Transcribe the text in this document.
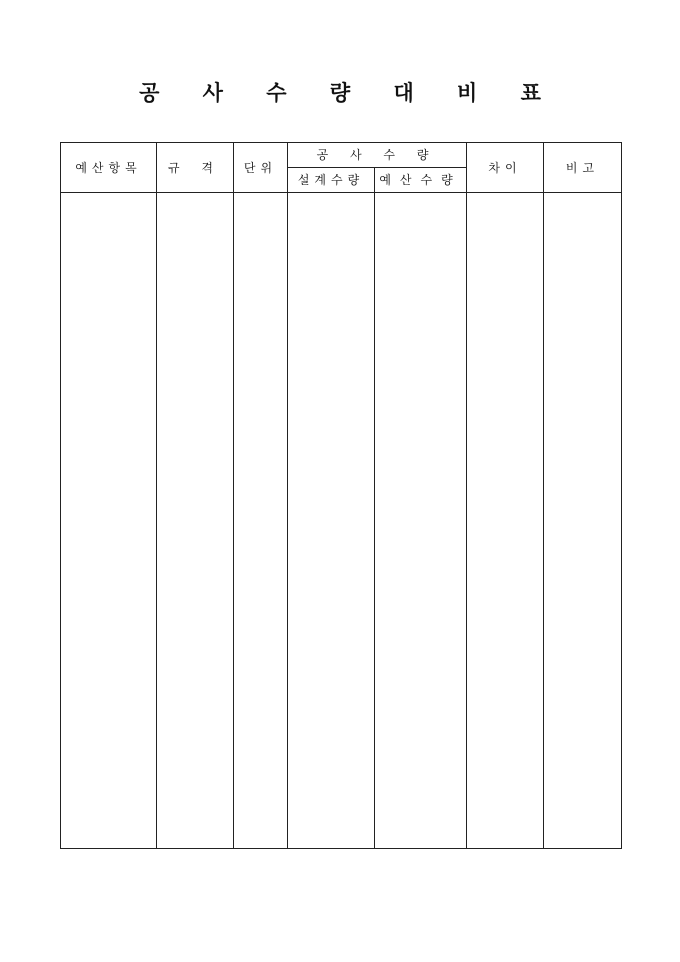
공 사 수 량 대 비 표
예산항목	규 격	단위	공 사 수 량		차이	비고
			설계수량	예산수량		
